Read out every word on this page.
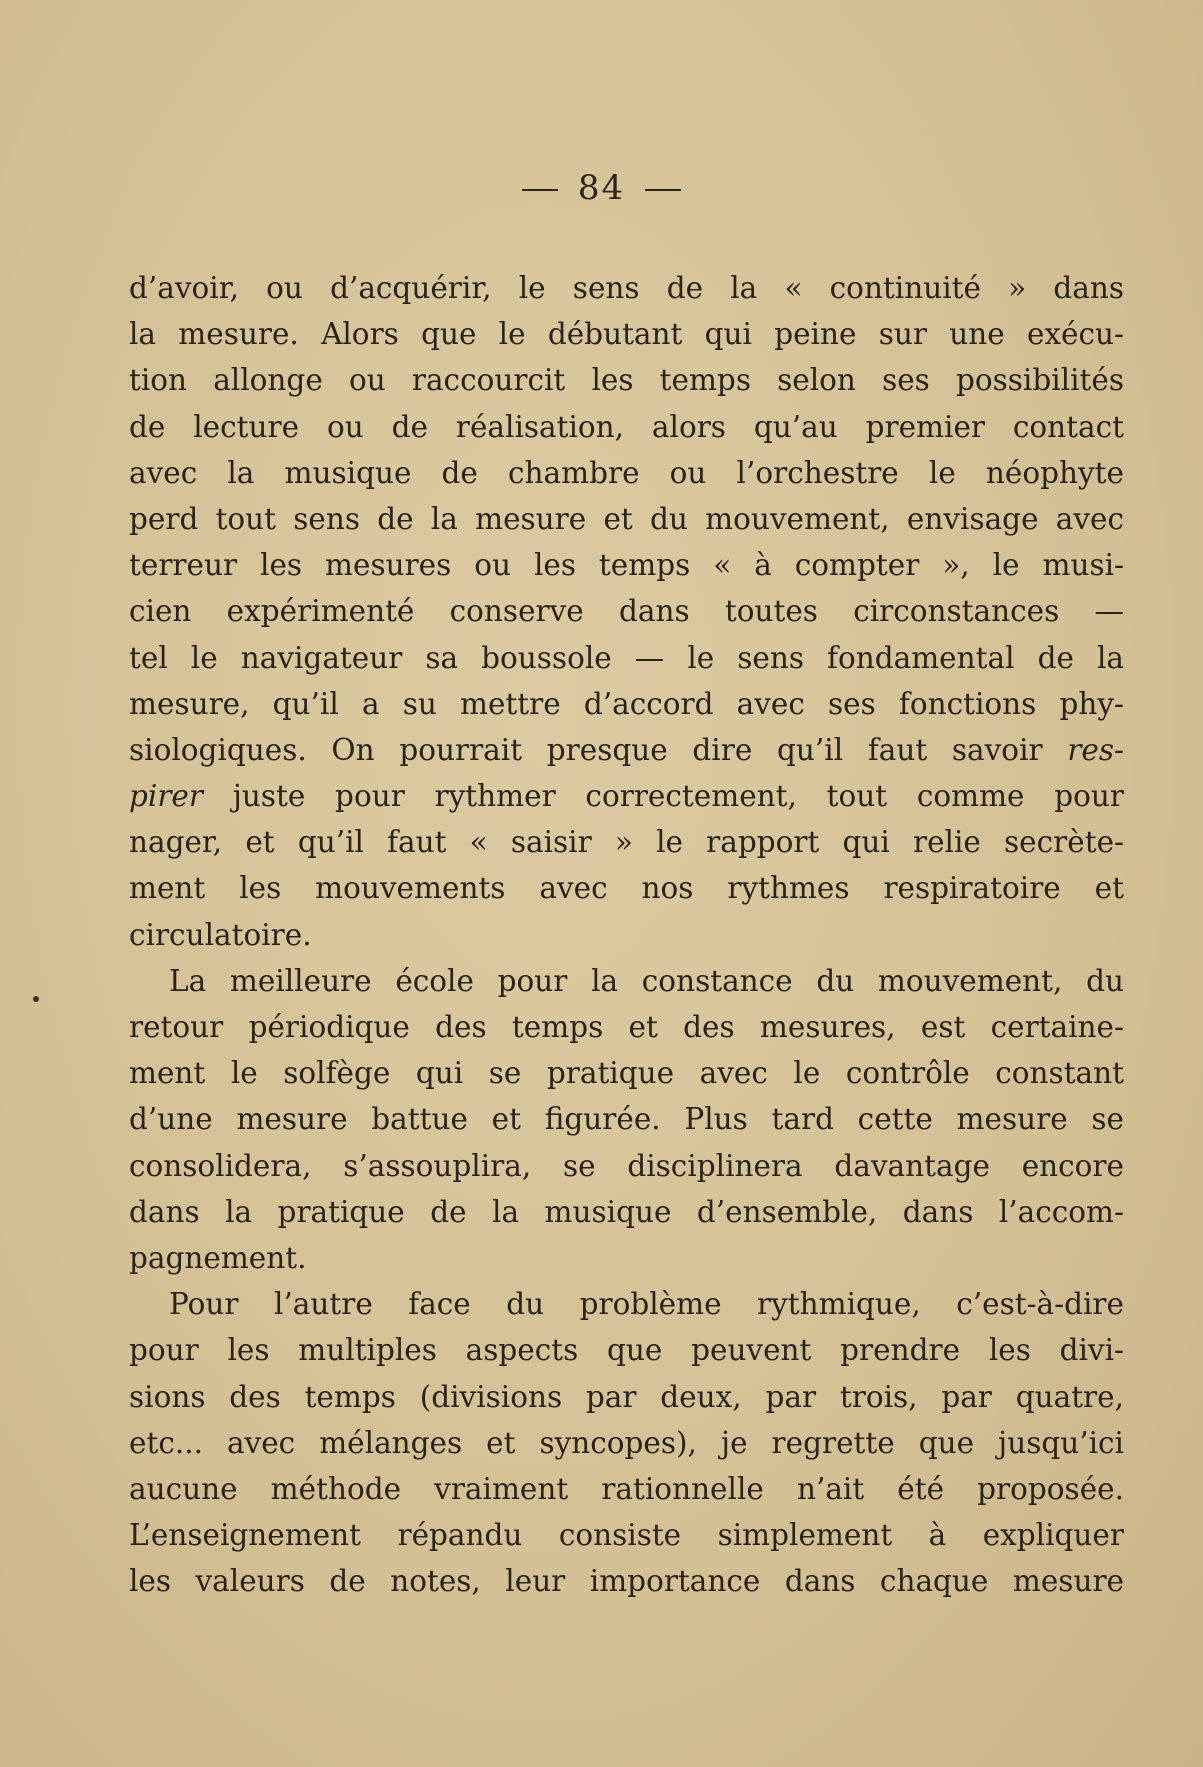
84
d’avoir, ou d’acquérir, le sens de la « continuité » dans
la mesure. Alors que le débutant qui peine sur une exécu-
tion allonge ou raccourcit les temps selon ses possibilités
de lecture ou de réalisation, alors qu’au premier contact
avec la musique de chambre ou l’orchestre le néophyte
perd tout sens de la mesure et du mouvement, envisage avec
terreur les mesures ou les temps « à compter », le musi-
cien expérimenté conserve dans toutes circonstances —
tel le navigateur sa boussole — le sens fondamental de la
mesure, qu’il a su mettre d’accord avec ses fonctions phy-
siologiques. On pourrait presque dire qu’il faut savoir res-
pirer juste pour rythmer correctement, tout comme pour
nager, et qu’il faut « saisir » le rapport qui relie secrète-
ment les mouvements avec nos rythmes respiratoire et
circulatoire.
La meilleure école pour la constance du mouvement, du
retour périodique des temps et des mesures, est certaine-
ment le solfège qui se pratique avec le contrôle constant
d’une mesure battue et figurée. Plus tard cette mesure se
consolidera, s’assouplira, se disciplinera davantage encore
dans la pratique de la musique d’ensemble, dans l’accom-
pagnement.
Pour l’autre face du problème rythmique, c’est-à-dire
pour les multiples aspects que peuvent prendre les divi-
sions des temps (divisions par deux, par trois, par quatre,
etc... avec mélanges et syncopes), je regrette que jusqu’ici
aucune méthode vraiment rationnelle n’ait été proposée.
L’enseignement répandu consiste simplement à expliquer
les valeurs de notes, leur importance dans chaque mesure
